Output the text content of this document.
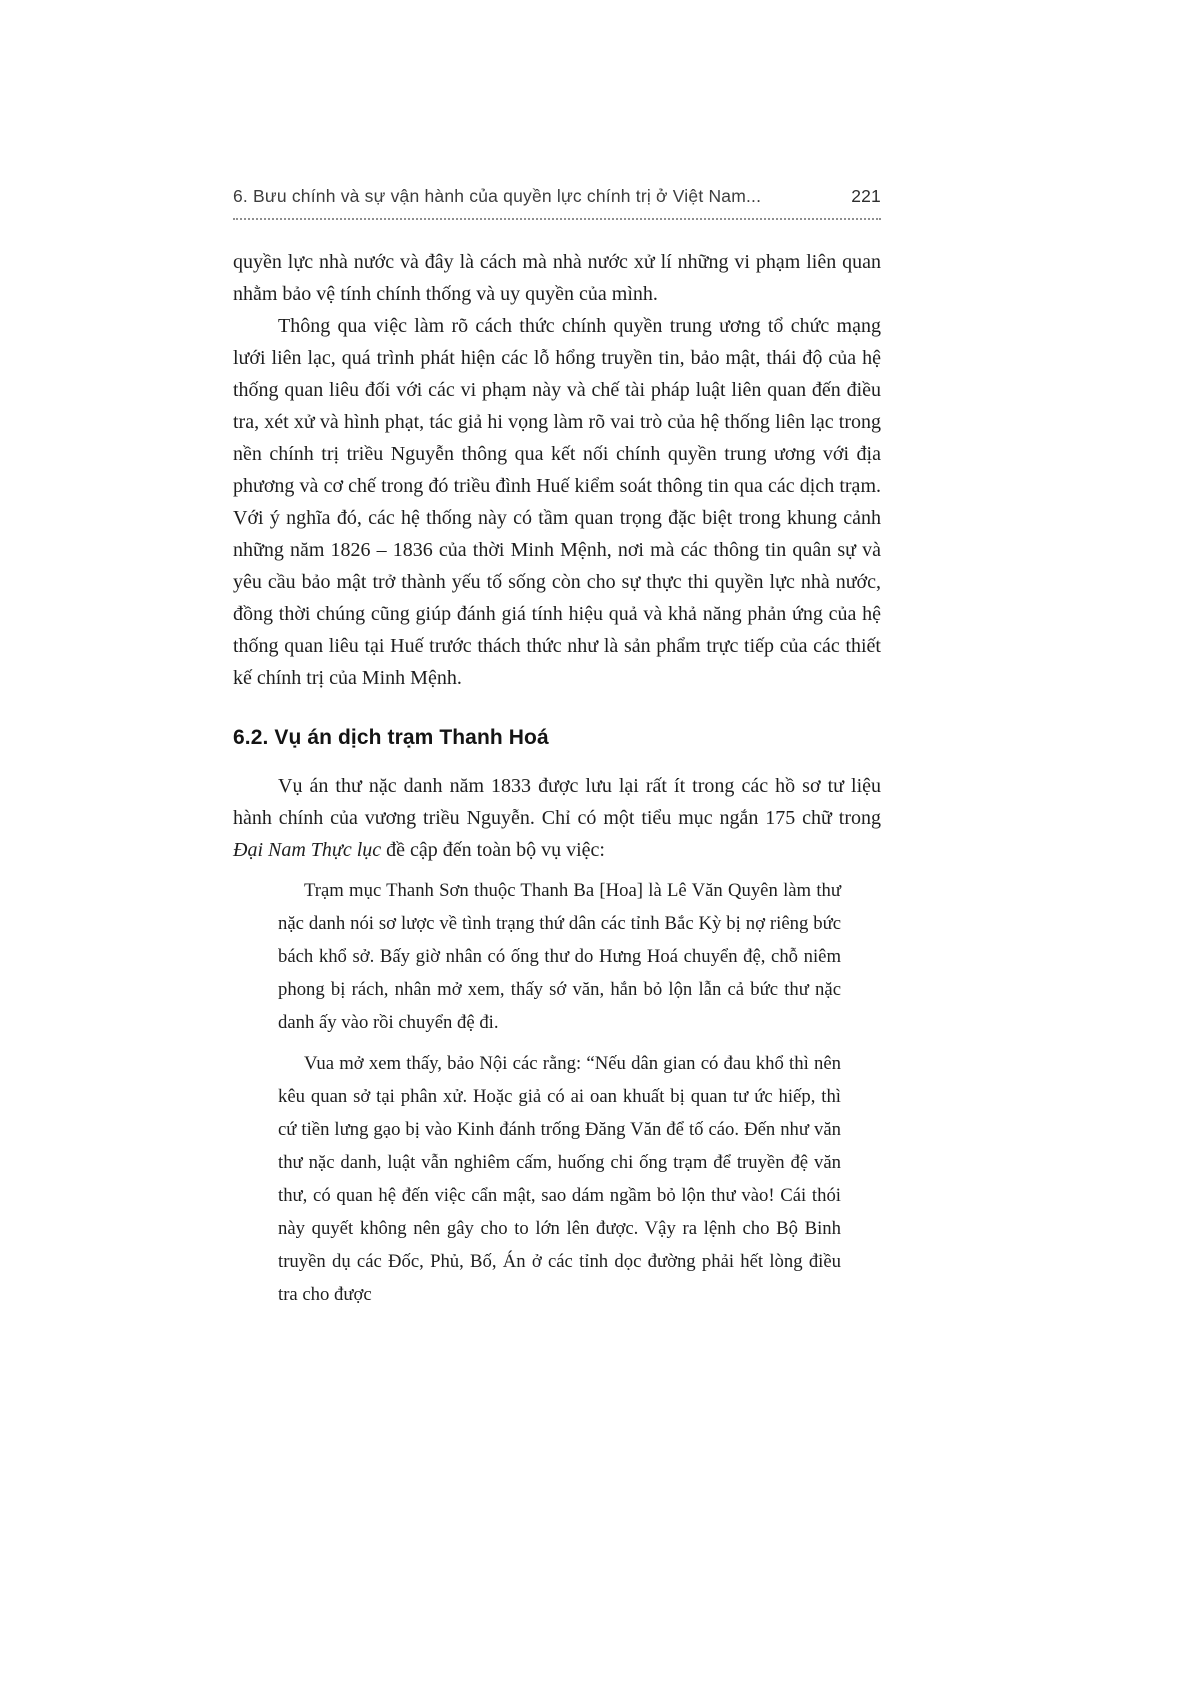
6. Bưu chính và sự vận hành của quyền lực chính trị ở Việt Nam...	221

quyền lực nhà nước và đây là cách mà nhà nước xử lí những vi phạm liên quan nhằm bảo vệ tính chính thống và uy quyền của mình.

Thông qua việc làm rõ cách thức chính quyền trung ương tổ chức mạng lưới liên lạc, quá trình phát hiện các lỗ hổng truyền tin, bảo mật, thái độ của hệ thống quan liêu đối với các vi phạm này và chế tài pháp luật liên quan đến điều tra, xét xử và hình phạt, tác giả hi vọng làm rõ vai trò của hệ thống liên lạc trong nền chính trị triều Nguyễn thông qua kết nối chính quyền trung ương với địa phương và cơ chế trong đó triều đình Huế kiểm soát thông tin qua các dịch trạm. Với ý nghĩa đó, các hệ thống này có tầm quan trọng đặc biệt trong khung cảnh những năm 1826 – 1836 của thời Minh Mệnh, nơi mà các thông tin quân sự và yêu cầu bảo mật trở thành yếu tố sống còn cho sự thực thi quyền lực nhà nước, đồng thời chúng cũng giúp đánh giá tính hiệu quả và khả năng phản ứng của hệ thống quan liêu tại Huế trước thách thức như là sản phẩm trực tiếp của các thiết kế chính trị của Minh Mệnh.

6.2. Vụ án dịch trạm Thanh Hoá

Vụ án thư nặc danh năm 1833 được lưu lại rất ít trong các hồ sơ tư liệu hành chính của vương triều Nguyễn. Chỉ có một tiểu mục ngắn 175 chữ trong Đại Nam Thực lục đề cập đến toàn bộ vụ việc:

Trạm mục Thanh Sơn thuộc Thanh Ba [Hoa] là Lê Văn Quyên làm thư nặc danh nói sơ lược về tình trạng thứ dân các tỉnh Bắc Kỳ bị nợ riêng bức bách khổ sở. Bấy giờ nhân có ống thư do Hưng Hoá chuyển đệ, chỗ niêm phong bị rách, nhân mở xem, thấy sớ văn, hắn bỏ lộn lẫn cả bức thư nặc danh ấy vào rồi chuyển đệ đi.
Vua mở xem thấy, bảo Nội các rằng: “Nếu dân gian có đau khổ thì nên kêu quan sở tại phân xử. Hoặc giả có ai oan khuất bị quan tư ức hiếp, thì cứ tiền lưng gạo bị vào Kinh đánh trống Đăng Văn để tố cáo. Đến như văn thư nặc danh, luật vẫn nghiêm cấm, huống chi ống trạm để truyền đệ văn thư, có quan hệ đến việc cẩn mật, sao dám ngầm bỏ lộn thư vào! Cái thói này quyết không nên gây cho to lớn lên được. Vậy ra lệnh cho Bộ Binh truyền dụ các Đốc, Phủ, Bố, Án ở các tỉnh dọc đường phải hết lòng điều tra cho được
